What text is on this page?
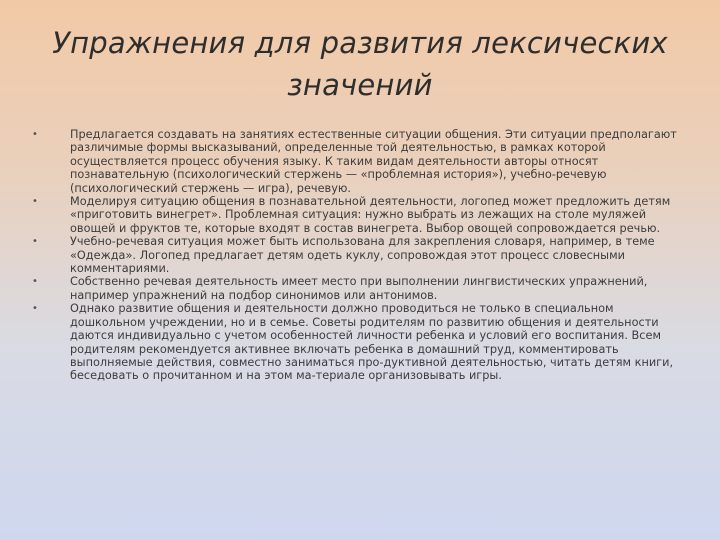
Упражнения для развития лексических значений
•	Предлагается создавать на занятиях естественные ситуации общения. Эти ситуации предполагают различимые формы высказываний, определенные той деятельностью, в рамках которой осуществляется процесс обучения языку. К таким видам деятельности авторы относят познавательную (психологический стержень — «проблемная история»), учебно-речевую (психологический стержень — игра), речевую.
•	Моделируя ситуацию общения в познавательной деятельности, логопед может предложить детям «приготовить винегрет». Проблемная ситуация: нужно выбрать из лежащих на столе муляжей овощей и фруктов те, которые входят в состав винегрета. Выбор овощей сопровождается речью.
•	Учебно-речевая ситуация может быть использована для закрепления словаря, например, в теме «Одежда». Логопед предлагает детям одеть куклу, сопровождая этот процесс словесными комментариями.
•	Собственно речевая деятельность имеет место при выполнении лингвистических упражнений, например упражнений на подбор синонимов или антонимов.
•	Однако развитие общения и деятельности должно проводиться не только в специальном дошкольном учреждении, но и в семье. Советы родителям по развитию общения и деятельности даются индивидуально с учетом особенностей личности ребенка и условий его воспитания. Всем родителям рекомендуется активнее включать ребенка в домашний труд, комментировать выполняемые действия, совместно заниматься про-дуктивной деятельностью, читать детям книги, беседовать о прочитанном и на этом ма-териале организовывать игры.
